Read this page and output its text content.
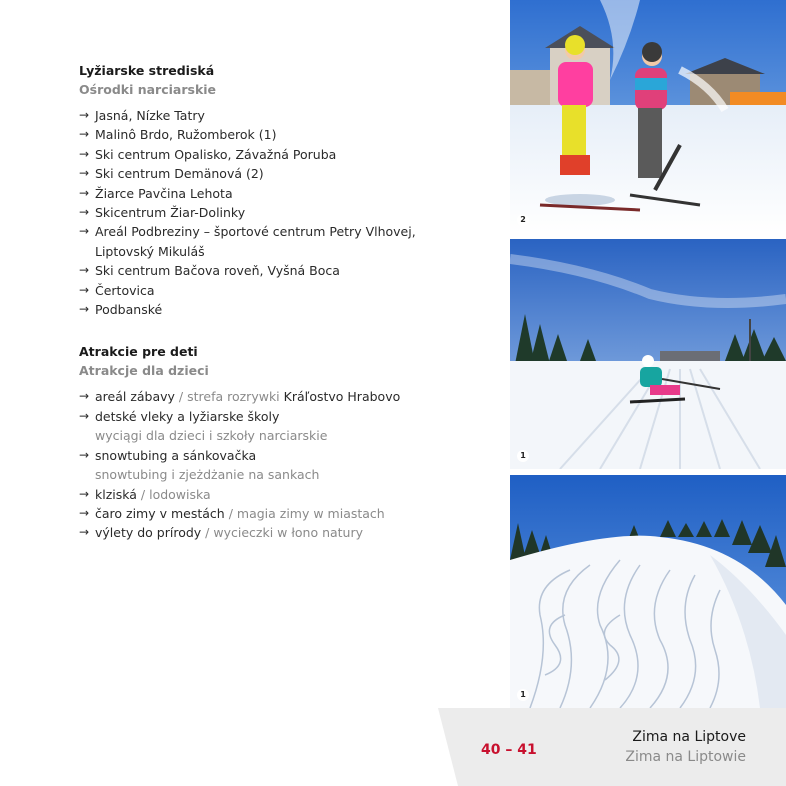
Lyžiarske strediská
Ośrodki narciarskie
→ Jasná, Nízke Tatry
→ Malinô Brdo, Ružomberok (1)
→ Ski centrum Opalisko, Závažná Poruba
→ Ski centrum Demänová (2)
→ Žiarce Pavčina Lehota
→ Skicentrum Žiar-Dolinky
→ Areál Podbreziny – športové centrum Petry Vlhovej,
Liptovský Mikuláš
→ Ski centrum Bačova roveň, Vyšná Boca
→ Čertovica
→ Podbanské
Atrakcie pre deti
Atrakcje dla dzieci
→ areál zábavy / strefa rozrywki Kráľostvo Hrabovo
→ detské vleky a lyžiarske školy
wyciągi dla dzieci i szkoły narciarskie
→ snowtubing a sánkovačka
snowtubing i zjeżdżanie na sankach
→ klziská / lodowiska
→ čaro zimy v mestách / magia zimy w miastach
→ výlety do prírody / wycieczki w łono natury
2
1
1
40 – 41
Zima na Liptove
Zima na Liptowie
